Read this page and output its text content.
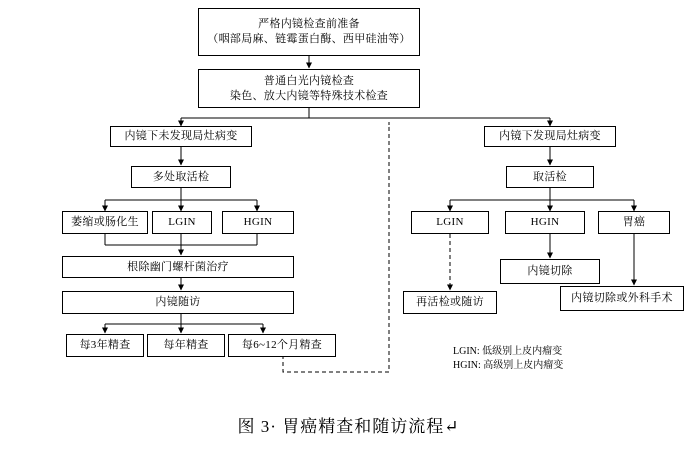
严格内镜检查前准备
（咽部局麻、链霉蛋白酶、西甲硅油等）
普通白光内镜检查
染色、放大内镜等特殊技术检查
内镜下未发现局灶病变	内镜下发现局灶病变
多处取活检	取活检
萎缩或肠化生	LGIN	HGIN	LGIN	HGIN	胃癌
根除幽门螺杆菌治疗	内镜切除
内镜切除或外科手术
内镜随访	再活检或随访
每3年精查	每年精查	每6~12个月精查
LGIN: 低级别上皮内瘤变
HGIN: 高级别上皮内瘤变
图 3· 胃癌精查和随访流程↵
